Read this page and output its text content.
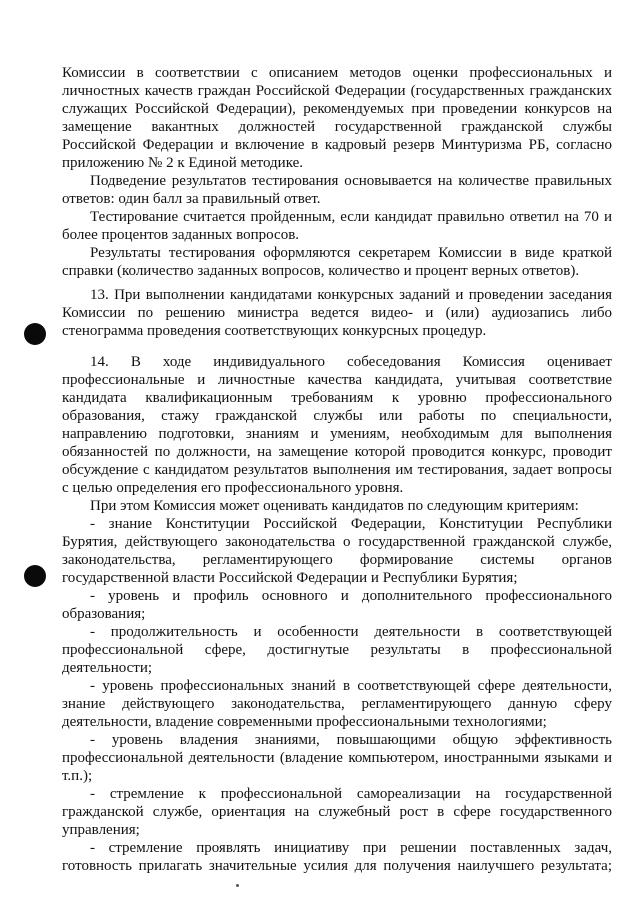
Комиссии в соответствии с описанием методов оценки профессиональных и
личностных качеств граждан Российской Федерации (государственных гражданских
служащих Российской Федерации), рекомендуемых при проведении конкурсов на
замещение вакантных должностей государственной гражданской службы
Российской Федерации и включение в кадровый резерв Минтуризма РБ, согласно
приложению № 2 к Единой методике.
Подведение результатов тестирования основывается на количестве правильных
ответов: один балл за правильный ответ.
Тестирование считается пройденным, если кандидат правильно ответил на 70 и
более процентов заданных вопросов.
Результаты тестирования оформляются секретарем Комиссии в виде краткой
справки (количество заданных вопросов, количество и процент верных ответов).
13. При выполнении кандидатами конкурсных заданий и проведении заседания
Комиссии по решению министра ведется видео- и (или) аудиозапись либо
стенограмма проведения соответствующих конкурсных процедур.
14. В ходе индивидуального собеседования Комиссия оценивает
профессиональные и личностные качества кандидата, учитывая соответствие
кандидата квалификационным требованиям к уровню профессионального
образования, стажу гражданской службы или работы по специальности,
направлению подготовки, знаниям и умениям, необходимым для выполнения
обязанностей по должности, на замещение которой проводится конкурс, проводит
обсуждение с кандидатом результатов выполнения им тестирования, задает вопросы
с целью определения его профессионального уровня.
При этом Комиссия может оценивать кандидатов по следующим критериям:
- знание Конституции Российской Федерации, Конституции Республики
Бурятия, действующего законодательства о государственной гражданской службе,
законодательства, регламентирующего формирование системы органов
государственной власти Российской Федерации и Республики Бурятия;
- уровень и профиль основного и дополнительного профессионального
образования;
- продолжительность и особенности деятельности в соответствующей
профессиональной сфере, достигнутые результаты в профессиональной
деятельности;
- уровень профессиональных знаний в соответствующей сфере деятельности,
знание действующего законодательства, регламентирующего данную сферу
деятельности, владение современными профессиональными технологиями;
- уровень владения знаниями, повышающими общую эффективность
профессиональной деятельности (владение компьютером, иностранными языками и
т.п.);
- стремление к профессиональной самореализации на государственной
гражданской службе, ориентация на служебный рост в сфере государственного
управления;
- стремление проявлять инициативу при решении поставленных задач,
готовность прилагать значительные усилия для получения наилучшего результата;
